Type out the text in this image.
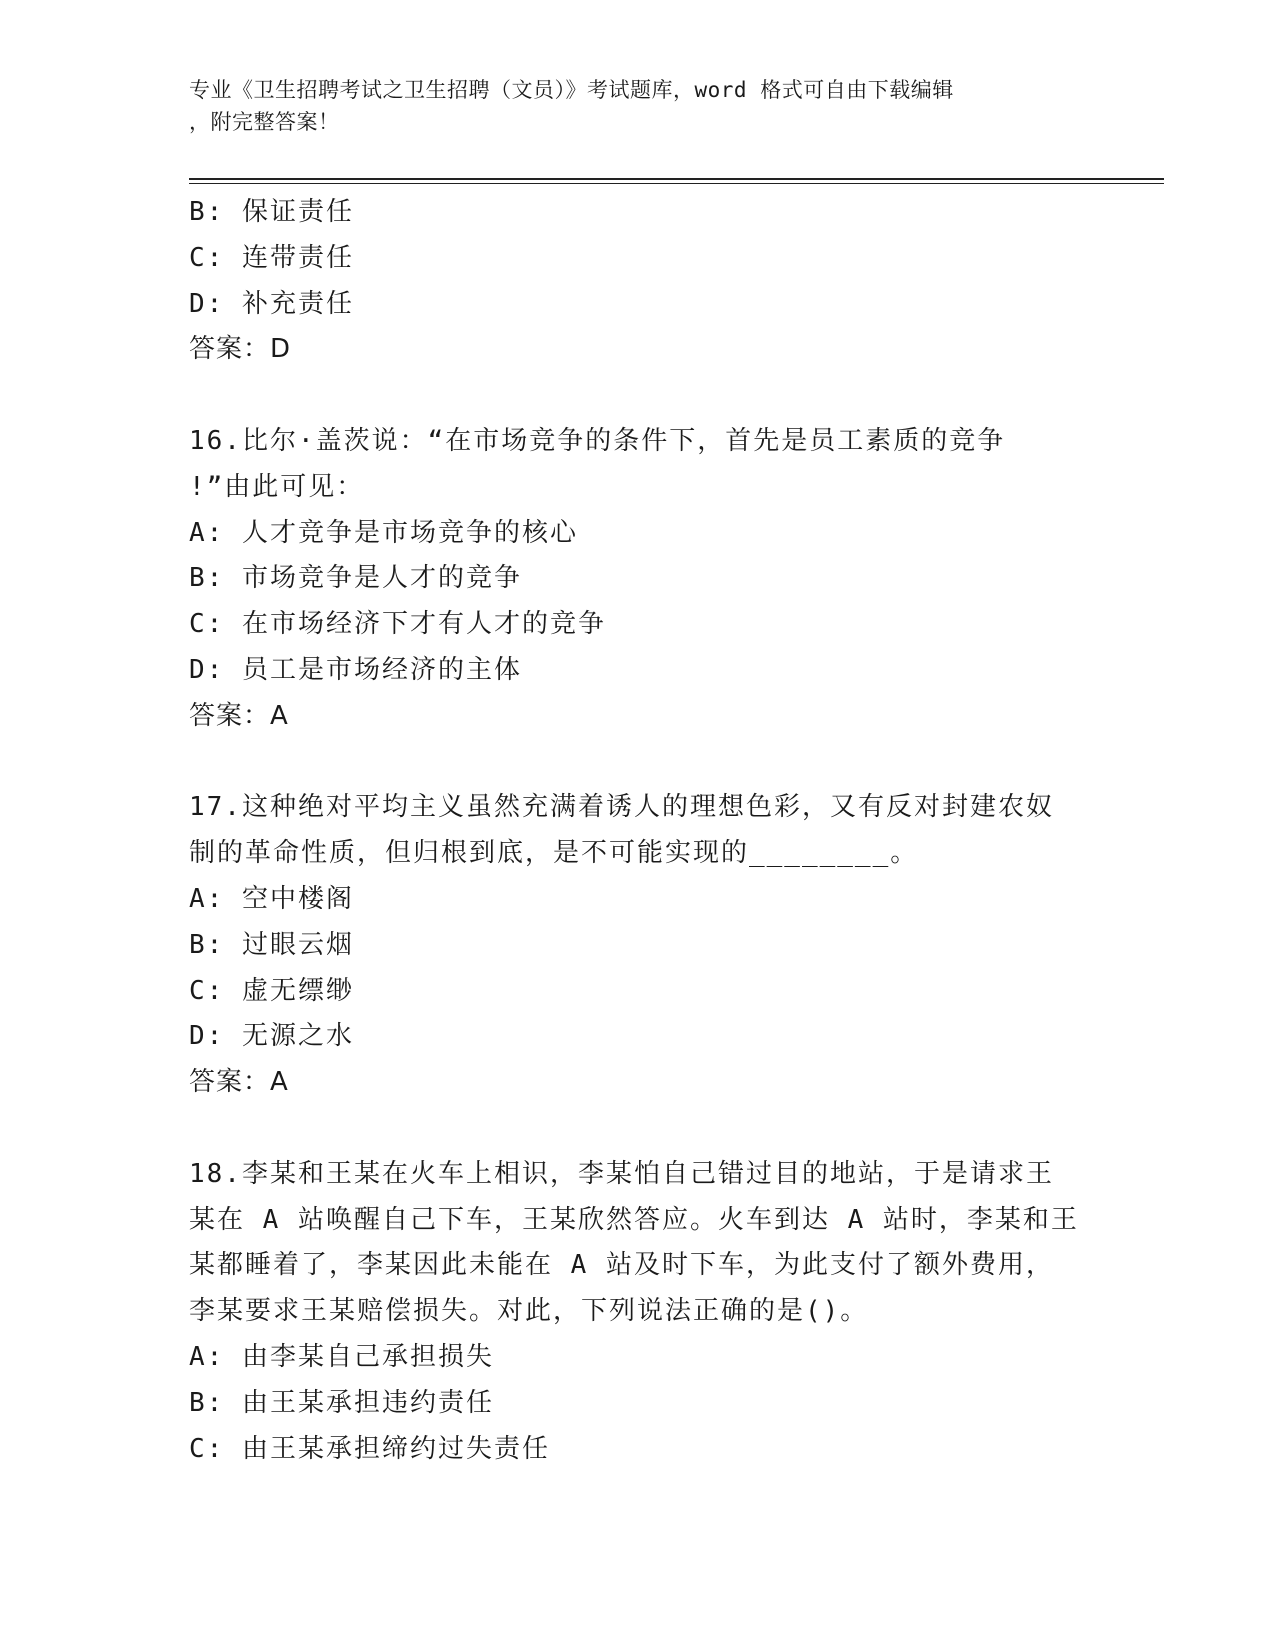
专业《卫生招聘考试之卫生招聘（文员）》考试题库，word 格式可自由下载编辑
，附完整答案！
B: 保证责任
C: 连带责任
D: 补充责任
答案：D
16.比尔·盖茨说：“在市场竞争的条件下，首先是员工素质的竞争
!”由此可见：
A: 人才竞争是市场竞争的核心
B: 市场竞争是人才的竞争
C: 在市场经济下才有人才的竞争
D: 员工是市场经济的主体
答案：A
17.这种绝对平均主义虽然充满着诱人的理想色彩，又有反对封建农奴
制的革命性质，但归根到底，是不可能实现的________。
A: 空中楼阁
B: 过眼云烟
C: 虚无缥缈
D: 无源之水
答案：A
18.李某和王某在火车上相识，李某怕自己错过目的地站，于是请求王
某在 A 站唤醒自己下车，王某欣然答应。火车到达 A 站时，李某和王
某都睡着了，李某因此未能在 A 站及时下车，为此支付了额外费用，
李某要求王某赔偿损失。对此，下列说法正确的是()。
A: 由李某自己承担损失
B: 由王某承担违约责任
C: 由王某承担缔约过失责任
